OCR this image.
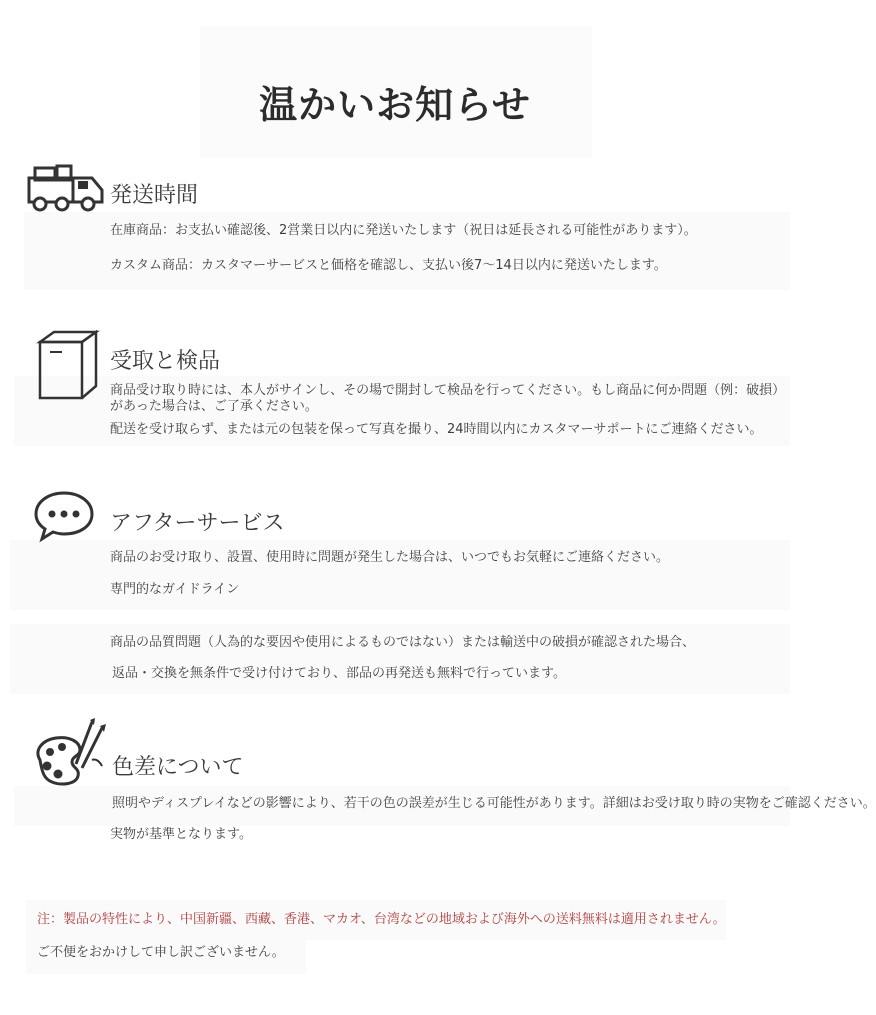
温かいお知らせ
発送時間

在庫商品：お支払い確認後、2営業日以内に発送いたします（祝日は延長される可能性があります）。

カスタム商品：カスタマーサービスと価格を確認し、支払い後7〜14日以内に発送いたします。

受取と検品

商品受け取り時には、本人がサインし、その場で開封して検品を行ってください。もし商品に何か問題（例：破損）があった場合は、ご了承ください。

配送を受け取らず、または元の包装を保って写真を撮り、24時間以内にカスタマーサポートにご連絡ください。

アフターサービス

商品のお受け取り、設置、使用時に問題が発生した場合は、いつでもお気軽にご連絡ください。

専門的なガイドライン

商品の品質問題（人為的な要因や使用によるものではない）または輸送中の破損が確認された場合、

返品・交換を無条件で受け付けており、部品の再発送も無料で行っています。

色差について

照明やディスプレイなどの影響により、若干の色の誤差が生じる可能性があります。詳細はお受け取り時の実物をご確認ください。

実物が基準となります。

注：製品の特性により、中国新疆、西藏、香港、マカオ、台湾などの地域および海外への送料無料は適用されません。

ご不便をおかけして申し訳ございません。
